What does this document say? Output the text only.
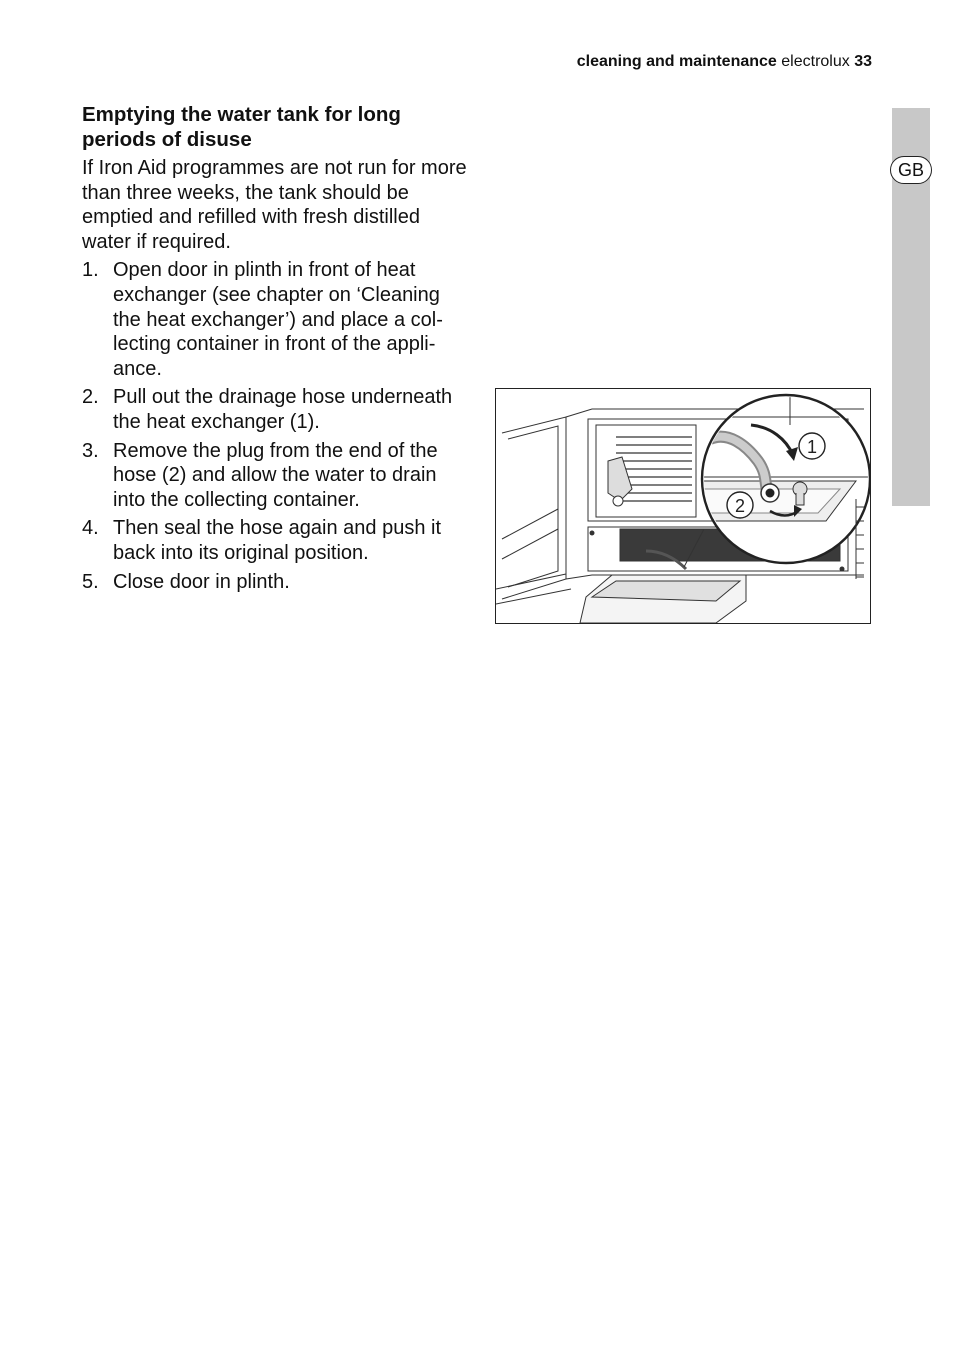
cleaning and maintenance electrolux 33
GB
Emptying the water tank for long periods of disuse

If Iron Aid programmes are not run for more than three weeks, the tank should be emptied and refilled with fresh distilled water if required.

1. Open door in plinth in front of heat exchanger (see chapter on ‘Cleaning the heat exchanger’) and place a collecting container in front of the appliance.
2. Pull out the drainage hose underneath the heat exchanger (1).
3. Remove the plug from the end of the hose (2) and allow the water to drain into the collecting container.
4. Then seal the hose again and push it back into its original position.
5. Close door in plinth.
1
2
